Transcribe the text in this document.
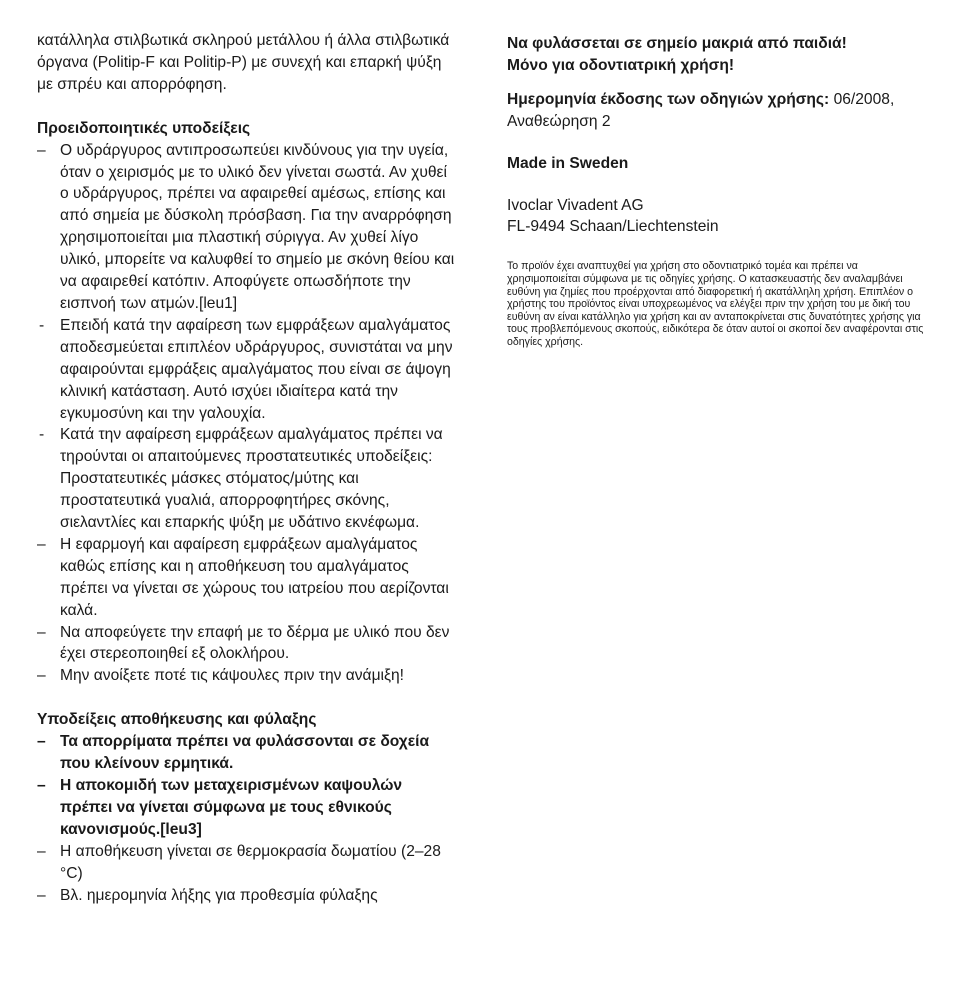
κατάλληλα στιλβωτικά σκληρού μετάλλου ή άλλα στιλβωτικά όργανα (Politip-F και Politip-P) με συνεχή και επαρκή ψύξη με σπρέυ και απορρόφηση.

Προειδοποιητικές υποδείξεις

– Ο υδράργυρος αντιπροσωπεύει κινδύνους για την υγεία, όταν ο χειρισμός με το υλικό δεν γίνεται σωστά. Αν χυθεί ο υδράργυρος, πρέπει να αφαιρεθεί αμέσως, επίσης και από σημεία με δύσκολη πρόσβαση. Για την αναρρόφηση χρησιμοποιείται μια πλαστική σύριγγα. Αν χυθεί λίγο υλικό, μπορείτε να καλυφθεί το σημείο με σκόνη θείου και να αφαιρεθεί κατόπιν. Αποφύγετε οπωσδήποτε την εισπνοή των ατμών.[leu1]
- Επειδή κατά την αφαίρεση των εμφράξεων αμαλγάματος αποδεσμεύεται επιπλέον υδράργυρος, συνιστάται να μην αφαιρούνται εμφράξεις αμαλγάματος που είναι σε άψογη κλινική κατάσταση. Αυτό ισχύει ιδιαίτερα κατά την εγκυμοσύνη και την γαλουχία.
- Κατά την αφαίρεση εμφράξεων αμαλγάματος πρέπει να τηρούνται οι απαιτούμενες προστατευτικές υποδείξεις: Προστατευτικές μάσκες στόματος/μύτης και προστατευτικά γυαλιά, απορροφητήρες σκόνης, σιελαντλίες και επαρκής ψύξη με υδάτινο εκνέφωμα.
– Η εφαρμογή και αφαίρεση εμφράξεων αμαλγάματος καθώς επίσης και η αποθήκευση του αμαλγάματος πρέπει να γίνεται σε χώρους του ιατρείου που αερίζονται καλά.
– Να αποφεύγετε την επαφή με το δέρμα με υλικό που δεν έχει στερεοποιηθεί εξ ολοκλήρου.
– Μην ανοίξετε ποτέ τις κάψουλες πριν την ανάμιξη!

Υποδείξεις αποθήκευσης και φύλαξης

– Τα απορρίματα πρέπει να φυλάσσονται σε δοχεία που κλείνουν ερμητικά.
– Η αποκομιδή των μεταχειρισμένων καψουλών πρέπει να γίνεται σύμφωνα με τους εθνικούς κανονισμούς.[leu3]
– Η αποθήκευση γίνεται σε θερμοκρασία δωματίου (2–28 °C)
– Βλ. ημερομηνία λήξης για προθεσμία φύλαξης

Να φυλάσσεται σε σημείο μακριά από παιδιά!

Μόνο για οδοντιατρική χρήση!

Ημερομηνία έκδοσης των οδηγιών χρήσης: 06/2008, Αναθεώρηση 2

Made in Sweden

Ivoclar Vivadent AG

FL-9494 Schaan/Liechtenstein

Το προϊόν έχει αναπτυχθεί για χρήση στο οδοντιατρικό τομέα και πρέπει να χρησιμοποιείται σύμφωνα με τις οδηγίες χρήσης. Ο κατασκευαστής δεν αναλαμβάνει ευθύνη για ζημίες που προέρχονται από διαφορετική ή ακατάλληλη χρήση. Επιπλέον ο χρήστης του προϊόντος είναι υποχρεωμένος να ελέγξει πριν την χρήση του με δική του ευθύνη αν είναι κατάλληλο για χρήση και αν ανταποκρίνεται στις δυνατότητες χρήσης για τους προβλεπόμενους σκοπούς, ειδικότερα δε όταν αυτοί οι σκοποί δεν αναφέρονται στις οδηγίες χρήσης.
